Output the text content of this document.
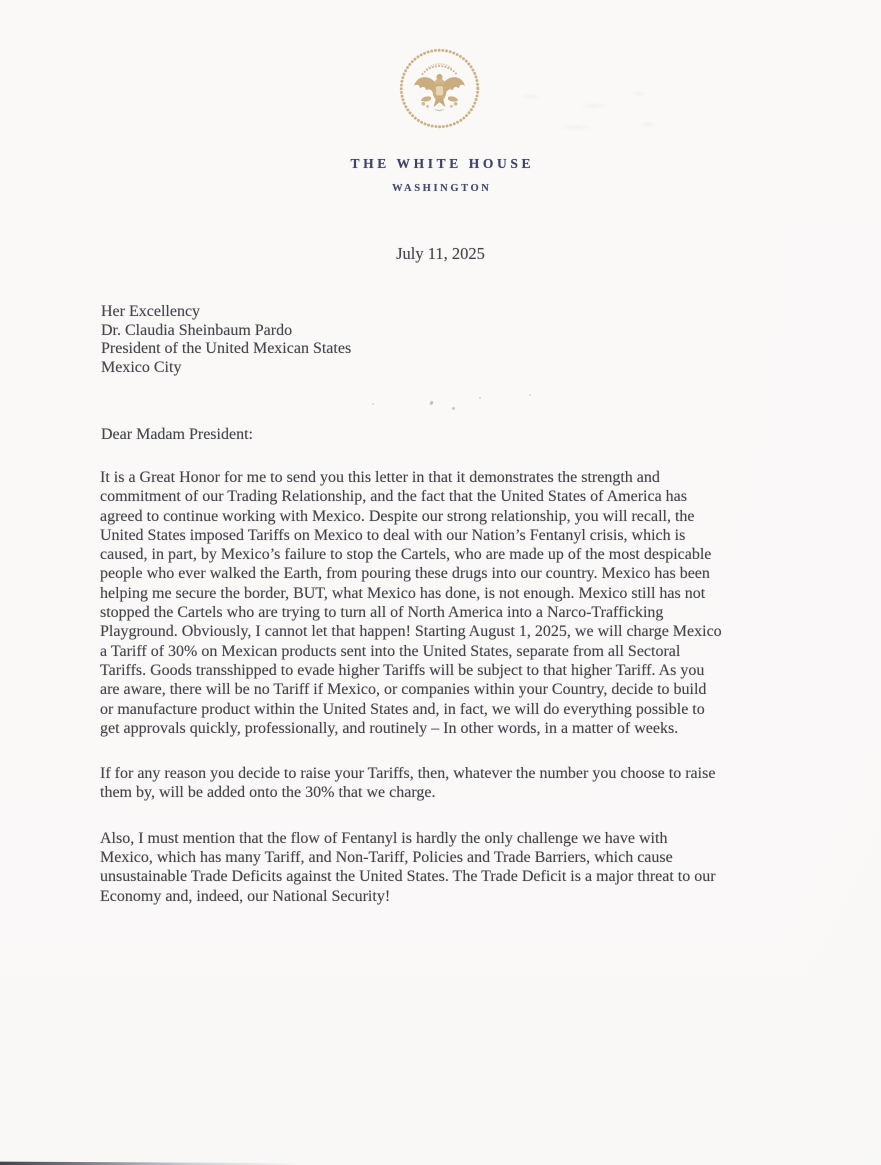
THE WHITE HOUSE
WASHINGTON
July 11, 2025
Her Excellency
Dr. Claudia Sheinbaum Pardo
President of the United Mexican States
Mexico City
Dear Madam President:
It is a Great Honor for me to send you this letter in that it demonstrates the strength and
commitment of our Trading Relationship, and the fact that the United States of America has
agreed to continue working with Mexico. Despite our strong relationship, you will recall, the
United States imposed Tariffs on Mexico to deal with our Nation’s Fentanyl crisis, which is
caused, in part, by Mexico’s failure to stop the Cartels, who are made up of the most despicable
people who ever walked the Earth, from pouring these drugs into our country. Mexico has been
helping me secure the border, BUT, what Mexico has done, is not enough. Mexico still has not
stopped the Cartels who are trying to turn all of North America into a Narco-Trafficking
Playground. Obviously, I cannot let that happen! Starting August 1, 2025, we will charge Mexico
a Tariff of 30% on Mexican products sent into the United States, separate from all Sectoral
Tariffs. Goods transshipped to evade higher Tariffs will be subject to that higher Tariff. As you
are aware, there will be no Tariff if Mexico, or companies within your Country, decide to build
or manufacture product within the United States and, in fact, we will do everything possible to
get approvals quickly, professionally, and routinely – In other words, in a matter of weeks.
If for any reason you decide to raise your Tariffs, then, whatever the number you choose to raise
them by, will be added onto the 30% that we charge.
Also, I must mention that the flow of Fentanyl is hardly the only challenge we have with
Mexico, which has many Tariff, and Non-Tariff, Policies and Trade Barriers, which cause
unsustainable Trade Deficits against the United States. The Trade Deficit is a major threat to our
Economy and, indeed, our National Security!
